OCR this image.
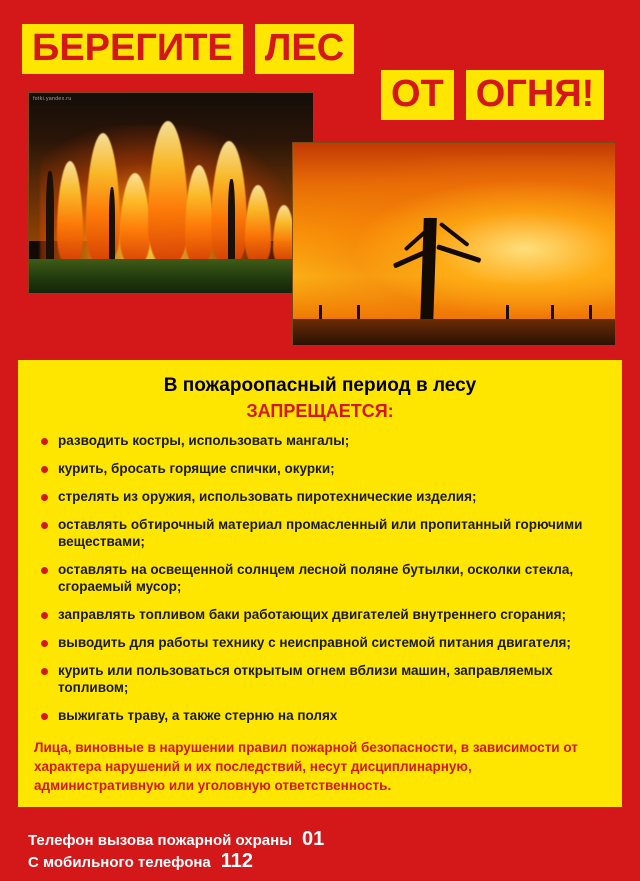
БЕРЕГИТЕ ЛЕС
ОТ ОГНЯ!
fotki.yandex.ru
В пожароопасный период в лесу
ЗАПРЕЩАЕТСЯ:
разводить костры, использовать мангалы;
курить, бросать горящие спички, окурки;
стрелять из оружия, использовать пиротехнические изделия;
оставлять обтирочный материал промасленный или пропитанный горючими веществами;
оставлять на освещенной солнцем лесной поляне бутылки, осколки стекла, сгораемый мусор;
заправлять топливом баки работающих двигателей внутреннего сгорания;
выводить для работы технику с неисправной системой питания двигателя;
курить или пользоваться открытым огнем вблизи машин, заправляемых топливом;
выжигать траву, а также стерню на полях
Лица, виновные в нарушении правил пожарной безопасности, в зависимости от характера нарушений и их последствий, несут дисциплинарную, административную или уголовную ответственность.
Телефон вызова пожарной охраны 01
С мобильного телефона 112
